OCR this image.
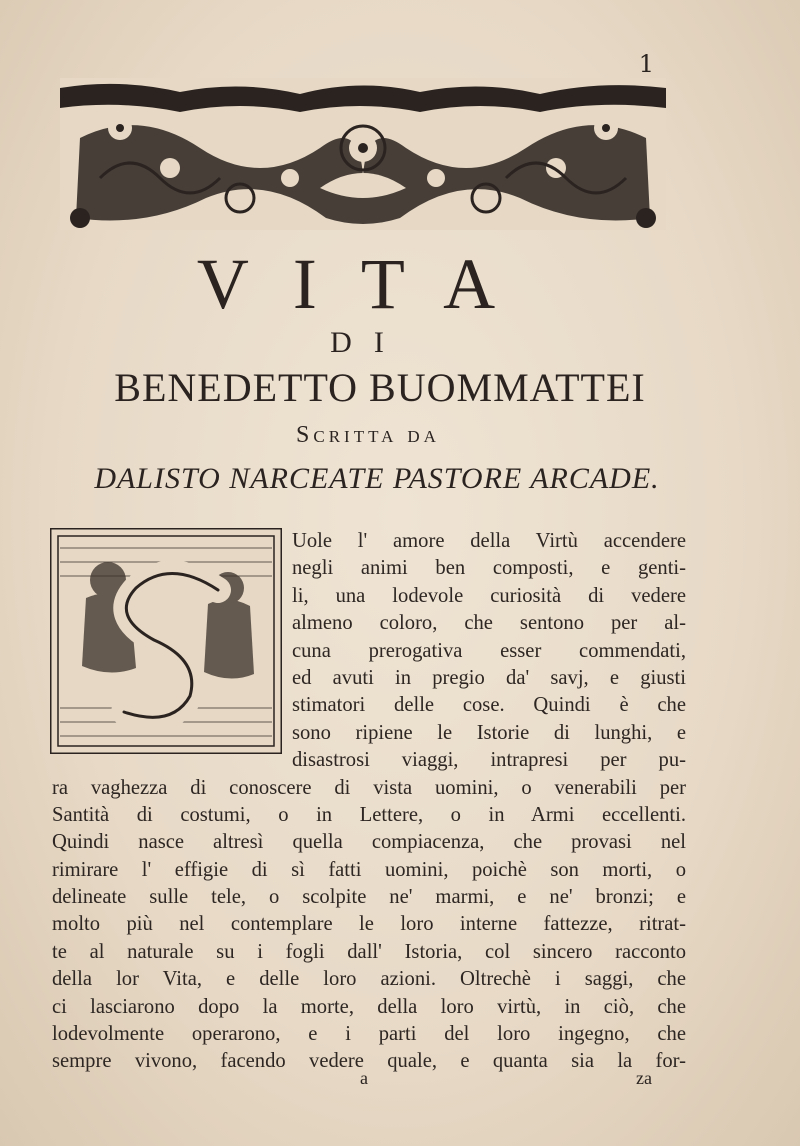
1
VITA
DI
BENEDETTO BUOMMATTEI
Scritta da
DALISTO NARCEATE PASTORE ARCADE.
Uole l' amore della Virtù accendere
negli animi ben composti, e genti-
li, una lodevole curiosità di vedere
almeno coloro, che sentono per al-
cuna prerogativa esser commendati,
ed avuti in pregio da' savj, e giusti
stimatori delle cose. Quindi è che
sono ripiene le Istorie di lunghi, e
disastrosi viaggi, intrapresi per pu-
ra vaghezza di conoscere di vista uomini, o venerabili per
Santità di costumi, o in Lettere, o in Armi eccellenti.
Quindi nasce altresì quella compiacenza, che provasi nel
rimirare l' effigie di sì fatti uomini, poichè son morti, o
delineate sulle tele, o scolpite ne' marmi, e ne' bronzi; e
molto più nel contemplare le loro interne fattezze, ritrat-
te al naturale su i fogli dall' Istoria, col sincero racconto
della lor Vita, e delle loro azioni. Oltrechè i saggi, che
ci lasciarono dopo la morte, della loro virtù, in ciò, che
lodevolmente operarono, e i parti del loro ingegno, che
sempre vivono, facendo vedere quale, e quanta sia la for-
a	za
